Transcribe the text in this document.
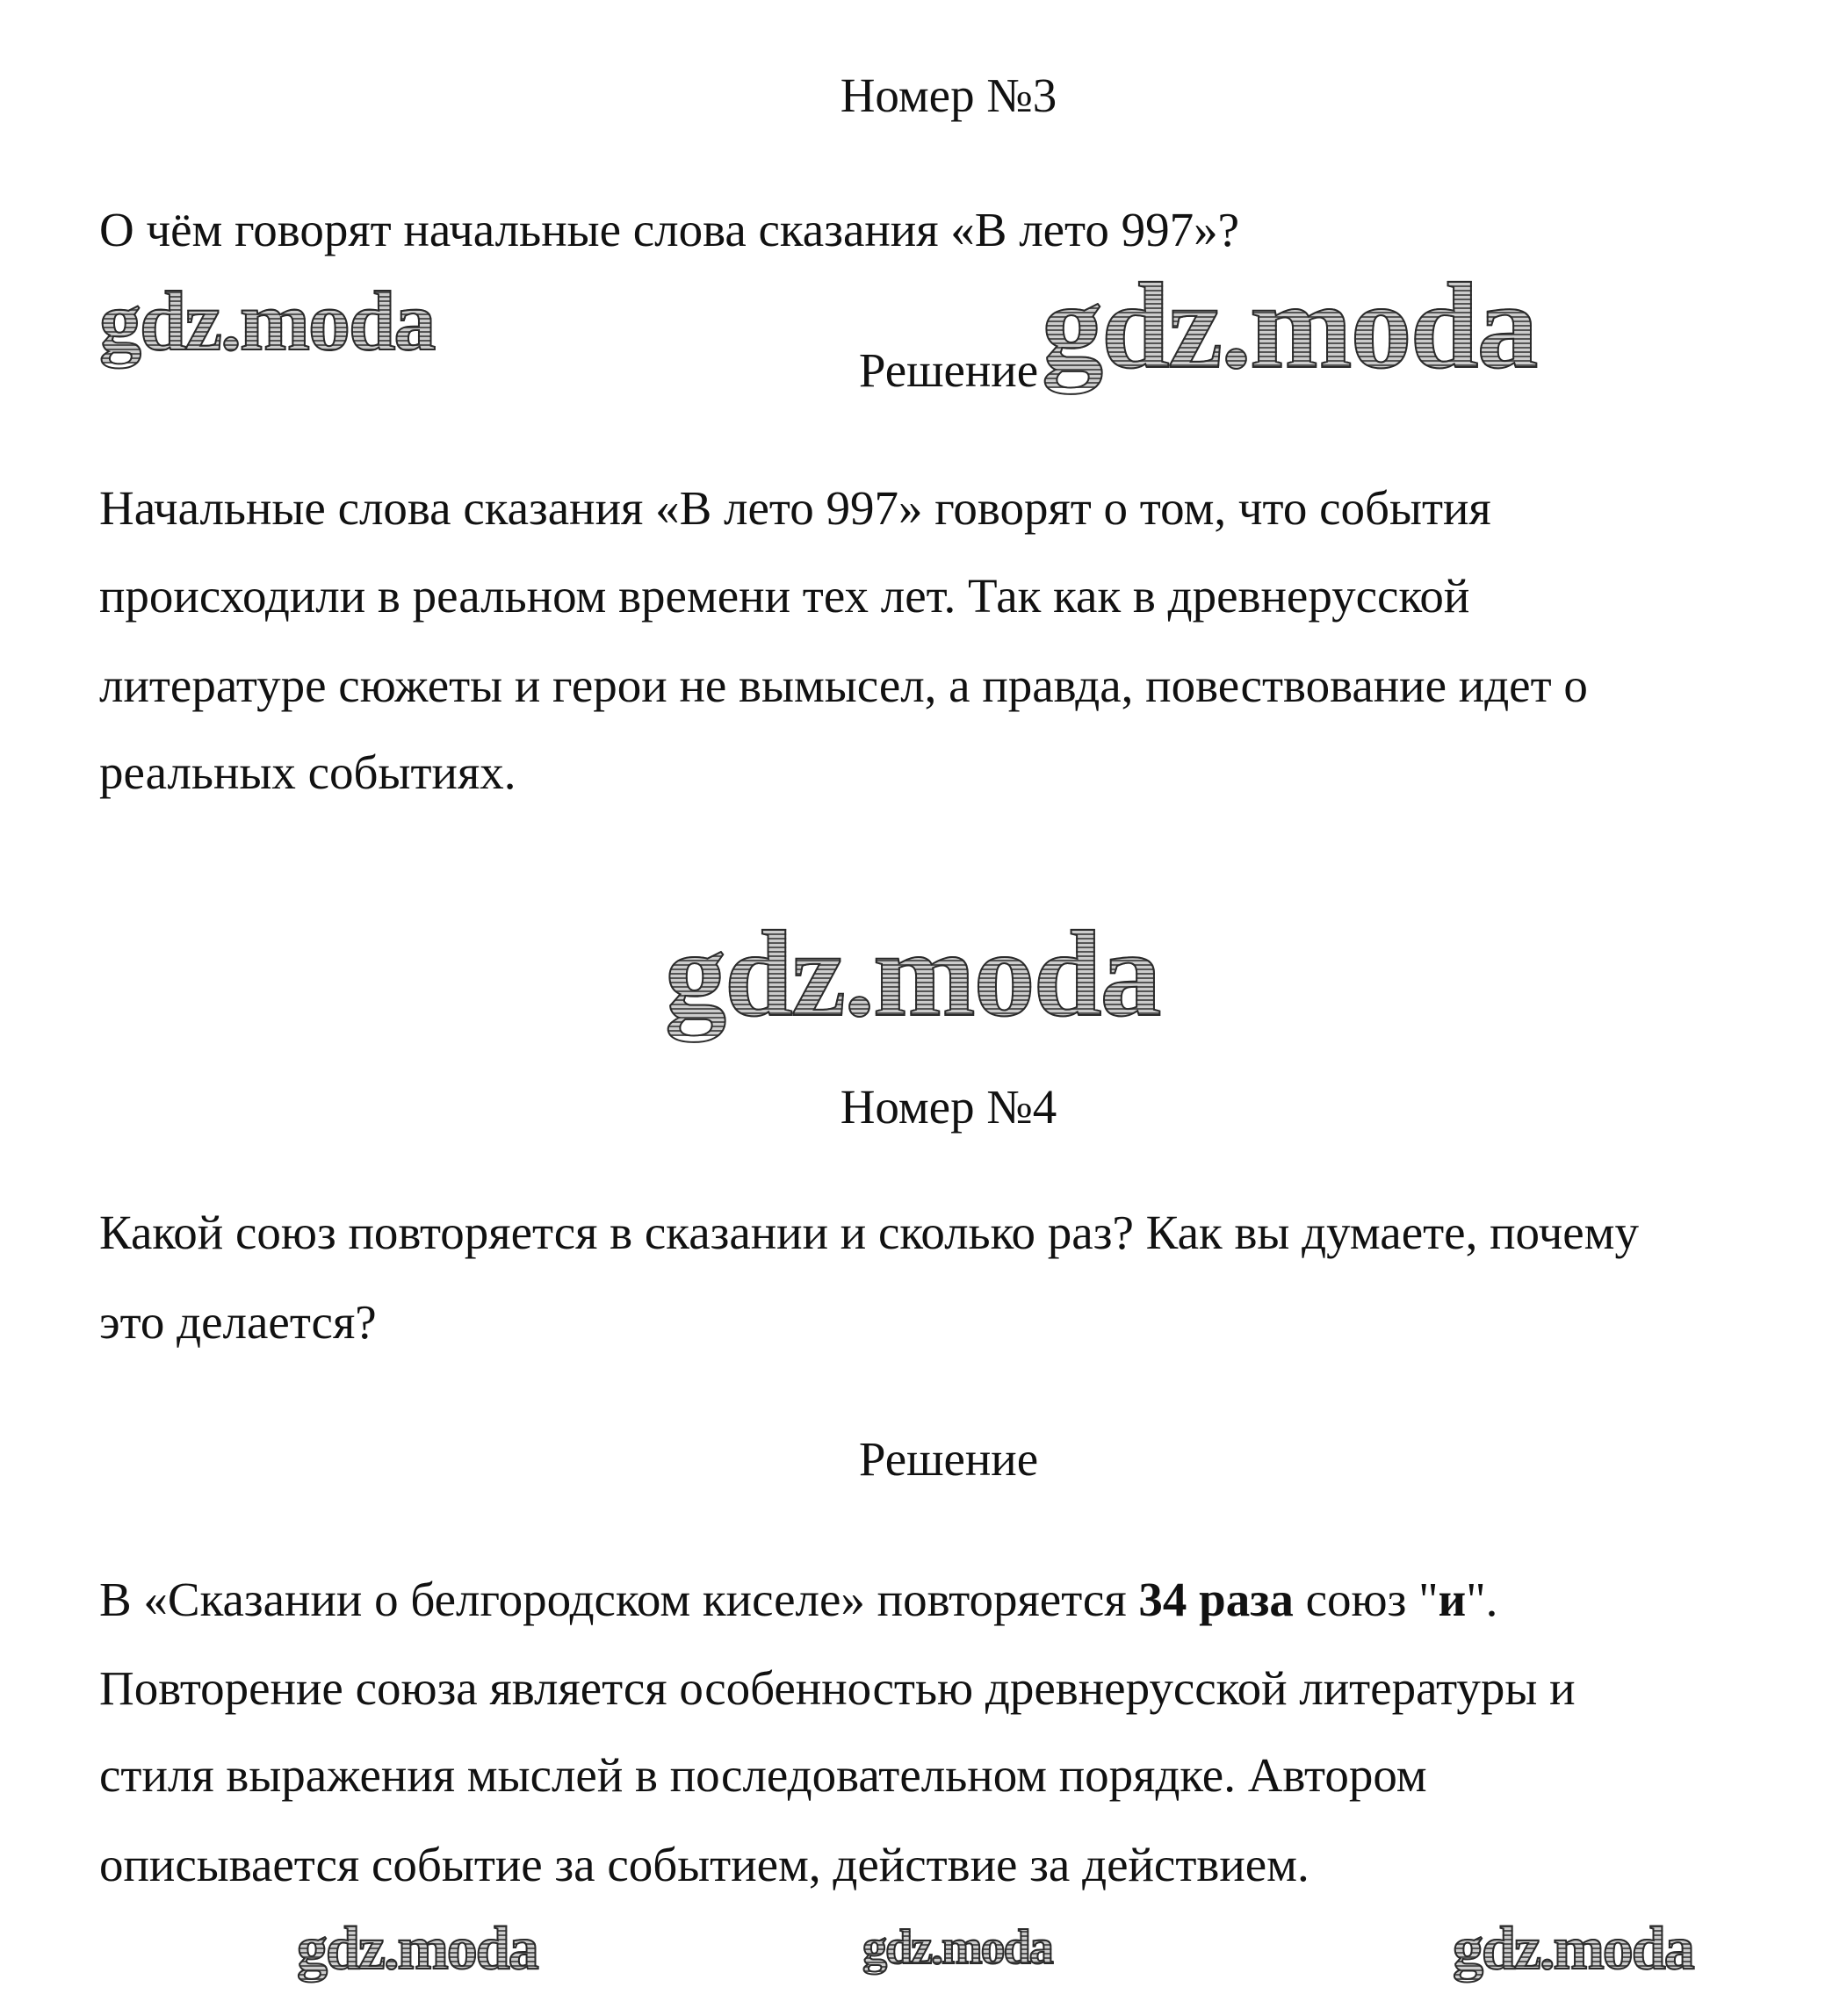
Номер №3
О чём говорят начальные слова сказания «В лето 997»?
Решение
Начальные слова сказания «В лето 997» говорят о том, что события
происходили в реальном времени тех лет. Так как в древнерусской
литературе сюжеты и герои не вымысел, а правда, повествование идет о
реальных событиях.
Номер №4
Какой союз повторяется в сказании и сколько раз? Как вы думаете, почему
это делается?
Решение
В «Сказании о белгородском киселе» повторяется 34 раза союз "и".
Повторение союза является особенностью древнерусской литературы и
стиля выражения мыслей в последовательном порядке. Автором
описывается событие за событием, действие за действием.
gdz.moda	gdz.moda
gdz.moda
gdz.moda	gdz.moda	gdz.moda
